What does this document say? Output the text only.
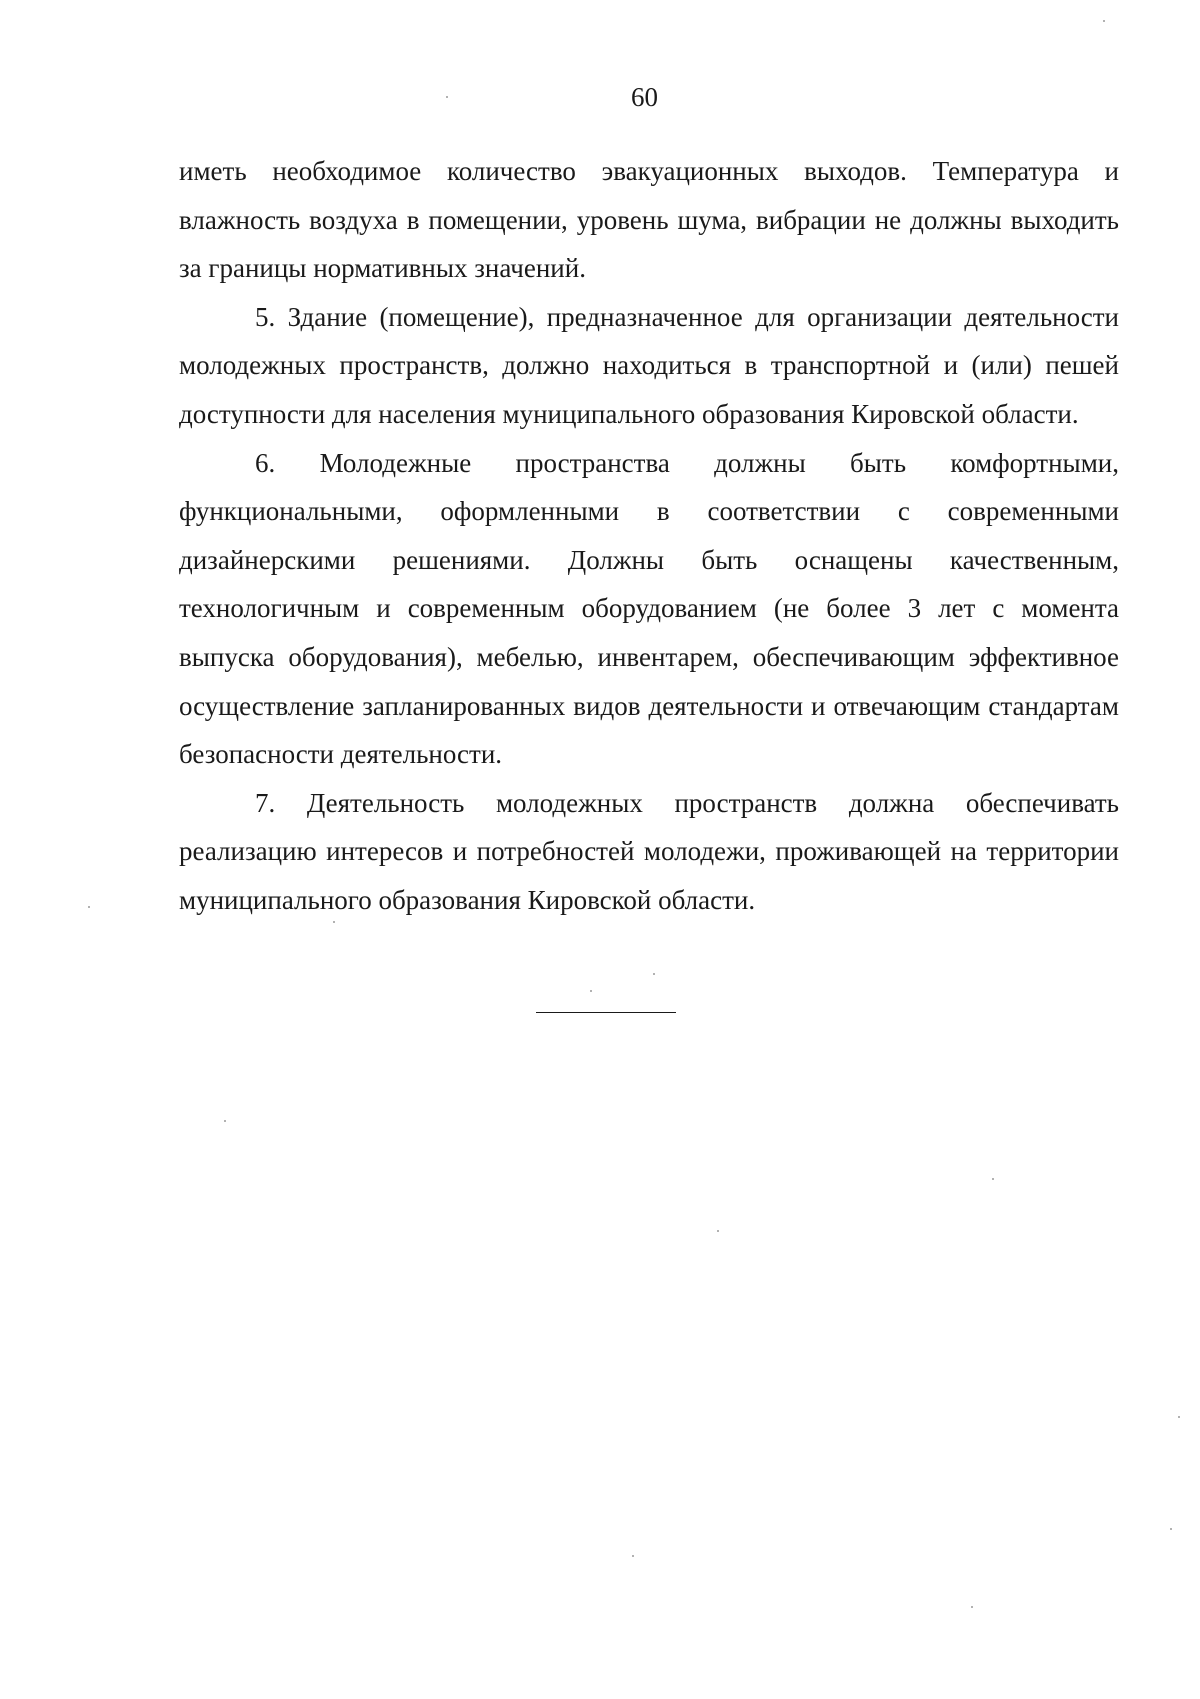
60

иметь необходимое количество эвакуационных выходов. Температура и влажность воздуха в помещении, уровень шума, вибрации не должны выходить за границы нормативных значений.

5. Здание (помещение), предназначенное для организации деятельности молодежных пространств, должно находиться в транспортной и (или) пешей доступности для населения муниципального образования Кировской области.

6. Молодежные пространства должны быть комфортными, функциональными, оформленными в соответствии с современными дизайнерскими решениями. Должны быть оснащены качественным, технологичным и современным оборудованием (не более 3 лет с момента выпуска оборудования), мебелью, инвентарем, обеспечивающим эффективное осуществление запланированных видов деятельности и отвечающим стандартам безопасности деятельности.

7. Деятельность молодежных пространств должна обеспечивать реализацию интересов и потребностей молодежи, проживающей на территории муниципального образования Кировской области.
